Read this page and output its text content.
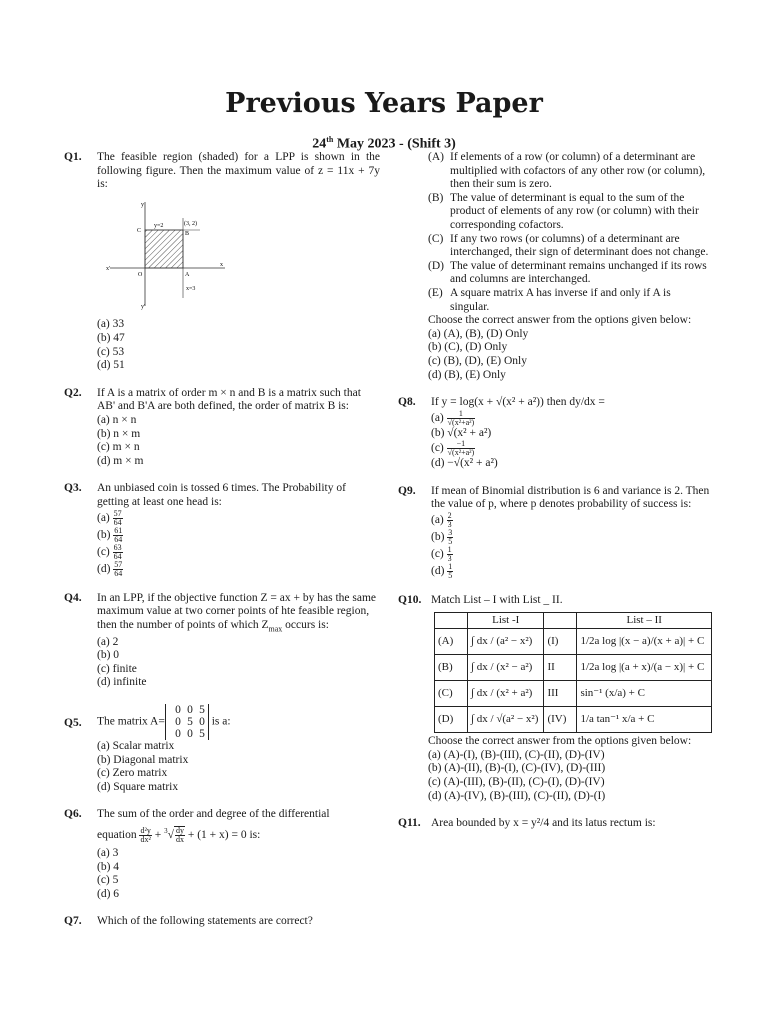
Previous Years Paper
24th May 2023 - (Shift 3)
Q1.	The feasible region (shaded) for a LPP is shown in the following figure. Then the maximum value of z = 11x + 7y is:
y=2	(3, 2)
x=3
C	B
O	A
x
x'
y
y'
(a) 33
(b) 47
(c) 53
(d) 51
Q2.	If A is a matrix of order m × n and B is a matrix such that AB' and B'A are both defined, the order of matrix B is:
(a) n × n
(b) n × m
(c) m × n
(d) m × m
Q3.	An unbiased coin is tossed 6 times. The Probability of getting at least one head is:
$(a) \frac{57}{64}$
$(b) \frac{61}{64}$
$(c) \frac{63}{64}$
$(d) \frac{57}{64}$
Q4.	In an LPP, if the objective function Z = ax + by has the same maximum value at two corner points of hte feasible region, then the number of points of which $Z_{max}$ occurs is:
(a) 2
(b) 0
(c) finite
(d) infinite
Q5.	The matrix A=0 0 5
0 5 0
0 0 5 is a:
(a) Scalar matrix
(b) Diagonal matrix
(c) Zero matrix
(d) Square matrix
Q6.	The sum of the order and degree of the differential
equation $\frac{\text{d²y}}{\text{dx²}} + ^3√ \frac{dy}{dx} + (1 + x) = 0$ is:
(a) 3
(b) 4
(c) 5
(d) 6
Q7.	Which of the following statements are correct?
(A) If elements of a row (or column) of a determinant are multiplied with cofactors of any other row (or column), then their sum is zero.
(B) The value of determinant is equal to the sum of the product of elements of any row (or column) with their corresponding cofactors.
(C) If any two rows (or columns) of a determinant are interchanged, their sign of determinant does not change.
(D) The value of determinant remains unchanged if its rows and columns are interchanged.
(E) A square matrix A has inverse if and only if A is singular.
Choose the correct answer from the options given below:
(a) (A), (B), (D) Only
(b) (C), (D) Only
(c) (B), (D), (E) Only
(d) (B), (E) Only
Q8.	If y = log(x + √(x² + a²)) then dy/dx =
$(a) \frac{1}{\text{√(x²+a²)}}$
(b) √(x² + a²)
$(c) \frac{-1}{\text{√(x²+a²)}}$
(d) −√(x² + a²)
Q9.	If mean of Binomial distribution is 6 and variance is 2. Then the value of p, where p denotes probability of success is:
$(a) \frac{2}{3}$
$(b) \frac{3}{5}$
$(c) \frac{1}{3}$
$(d) \frac{1}{5}$
Q10. Match List – I with List _ II.
	List -I		List – II
(A)	∫ dx / (a² − x²)	(I)	1/2a log |(x − a)/(x + a)| + C
(B)	∫ dx / (x² − a²)	II	1/2a log |(a + x)/(a − x)| + C
(C)	∫ dx / (x² + a²)	III	sin⁻¹ (x/a) + C
(D)	∫ dx / √(a² − x²)	(IV)	1/a tan⁻¹ x/a + C
Choose the correct answer from the options given below:
(a) (A)-(I), (B)-(III), (C)-(II), (D)-(IV)
(b) (A)-(II), (B)-(I), (C)-(IV), (D)-(III)
(c) (A)-(III), (B)-(II), (C)-(I), (D)-(IV)
(d) (A)-(IV), (B)-(III), (C)-(II), (D)-(I)
Q11. Area bounded by x = y²/4 and its latus rectum is:
